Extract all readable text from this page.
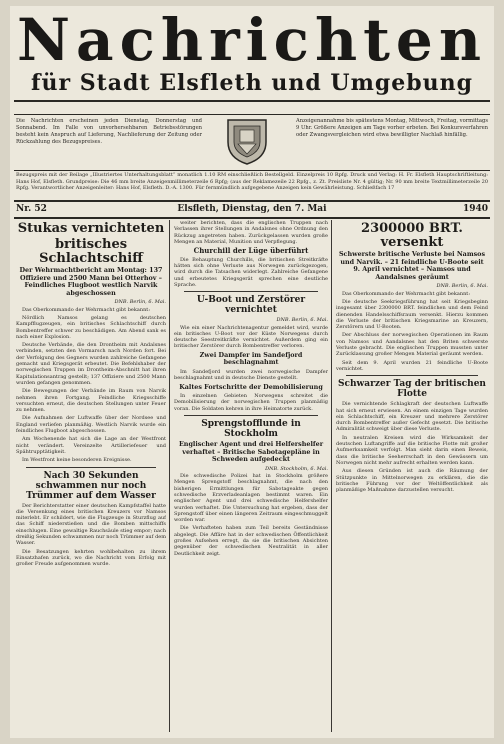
Nachrichten
für Stadt Elsfleth und Umgebung
Die Nachrichten erscheinen jeden Dienstag, Donnerstag und Sonnabend. Im Falle von unvorhersehbaren Betriebsstörungen besteht kein Anspruch auf Lieferung, Nachlieferung der Zeitung oder Rückzahlung des Bezugspreises.
Anzeigenannahme bis spätestens Montag, Mittwoch, Freitag, vormittags 9 Uhr. Größere Anzeigen am Tage vorher erbeten. Bei Konkursverfahren oder Zwangsvergleichen wird etwa bewilligter Nachlaß hinfällig.
Bezugspreis mit der Beilage „Illustriertes Unterhaltungsblatt“ monatlich 1.10 RM einschließlich Bestellgeld. Einzelpreis 10 Rpfg. Druck und Verlag: H. Fr. Elsfleth Hauptschriftleitung: Hans Hof, Elsfleth. Grundpreise: Die 46 mm breite Anzeigenmillimeterzeile 6 Rpfg; (aus der Reklamezeile 22 Rpfg., z. Zt. Preisliste Nr. 4 gültig; Nr. 90 mm breite Textmillimeterzeile 20 Rpfg. Verantwortlicher Anzeigenleiter: Hans Hof, Elsfleth. D.-A. 1300. Für fernmündlich aufgegebene Anzeigen kein Gewährleistung. Schließfach 17
Nr. 52	Elsfleth, Dienstag, den 7. Mai	1940
Stukas vernichteten
britisches Schlachtschiff
Der Wehrmachtbericht am Montag: 137 Offiziere und 2500 Mann bei Otterhov – Feindliches Flugboot westlich Narvik abgeschossen
DNB. Berlin, 6. Mai.

Das Oberkommando der Wehrmacht gibt bekannt:

Nördlich Namsos gelang es deutschen Kampfflugzeugen, ein britisches Schlachtschiff durch Bombentreffer schwer zu beschädigen. Am Abend sank es nach einer Explosion.

Deutsche Verbände, die den Drontheim mit Andalsnes verbinden, setzten den Vormarsch nach Norden fort. Bei der Verfolgung des Gegners wurden zahlreiche Gefangene gemacht und Kriegsgerät erbeutet. Die Befehlshaber der norwegischen Truppen im Drontheim-Abschnitt hat ihren Kapitulationsantrag gestellt; 137 Offiziere und 2500 Mann wurden gefangen genommen.

Die Bewegungen der Verbände im Raum von Narvik nehmen ihren Fortgang. Feindliche Kriegsschiffe versuchten erneut, die deutschen Stellungen unter Feuer zu nehmen.

Die Aufnahmen der Luftwaffe über der Nordsee und England verliefen planmäßig. Westlich Narvik wurde ein feindliches Flugboot abgeschossen.

Am Wochenende hat sich die Lage an der Westfront nicht verändert. Vereinzelte Artilleriefeuer und Spähtrupptätigkeit.

Im Westfront keine besonderen Ereignisse.

Nach 30 Sekunden schwammen nur noch Trümmer auf dem Wasser

Der Berichterstatter einer deutschen Kampfstaffel hatte die Versenkung eines britischen Kreuzers vor Namsos miterlebt. Er schildert, wie die Flugzeuge in Sturzflug auf das Schiff niederstießen und die Bomben mittschiffs einschlugen. Eine gewaltige Rauchsäule stieg empor; nach dreißig Sekunden schwammen nur noch Trümmer auf dem Wasser.

Die Besatzungen kehrten wohlbehalten zu ihrem Einsatzhafen zurück, wo die Nachricht vom Erfolg mit großer Freude aufgenommen wurde.

weiter berichten, dass die englischen Truppen nach Verlassen ihrer Stellungen in Andalsnes ohne Ordnung den Rückzug angetreten haben. Zurückgelassen wurden große Mengen an Material, Munition und Verpflegung.

Churchill der Lüge überführt

Die Behauptung Churchills, die britischen Streitkräfte hätten sich ohne Verluste aus Norwegen zurückgezogen, wird durch die Tatsachen widerlegt. Zahlreiche Gefangene und erbeutetes Kriegsgerät sprechen eine deutliche Sprache.

U-Boot und Zerstörer vernichtet
DNB. Berlin, 6. Mai.

Wie ein einer Nachrichtenagentur gemeldet wird, wurde ein britisches U-Boot vor der Küste Norwegens durch deutsche Seestreitkräfte vernichtet. Außerdem ging ein britischer Zerstörer durch Bombentreffer verloren.

Zwei Dampfer im Sandefjord beschlagnahmt

Im Sandefjord wurden zwei norwegische Dampfer beschlagnahmt und in deutsche Dienste gestellt.

Kaltes Fortschritte der Demobilisierung

In einzelnen Gebieten Norwegens schreitet die Demobilisierung der norwegischen Truppen planmäßig voran. Die Soldaten kehren in ihre Heimatorte zurück.

Sprengstofflunde in Stockholm
Englischer Agent und drei Helfershelfer verhaftet – Britische Sabotagepläne in Schweden aufgedeckt
DNB. Stockholm, 6. Mai.

Die schwedische Polizei hat in Stockholm größere Mengen Sprengstoff beschlagnahmt, die nach den bisherigen Ermittlungen für Sabotageakte gegen schwedische Erzverladeanlagen bestimmt waren. Ein englischer Agent und drei schwedische Helfershelfer wurden verhaftet. Die Untersuchung hat ergeben, dass der Sprengstoff über einen längeren Zeitraum eingeschmuggelt worden war.

Die Verhafteten haben zum Teil bereits Geständnisse abgelegt. Die Affäre hat in der schwedischen Öffentlichkeit großes Aufsehen erregt, da sie die britischen Absichten gegenüber der schwedischen Neutralität in aller Deutlichkeit zeigt.

2300000 BRT. versenkt
Schwerste britische Verluste bei Namsos und Narvik. – 21 feindliche U-Boote seit 9. April vernichtet – Namsos und Aandalsnes geräumt
DNB. Berlin, 6. Mai.

Das Oberkommando der Wehrmacht gibt bekannt:

Die deutsche Seekriegsführung hat seit Kriegsbeginn insgesamt über 2300000 BRT. feindlichen und dem Feind dienenden Handelsschiffsraum versenkt. Hierzu kommen die Verluste der britischen Kriegsmarine an Kreuzern, Zerstörern und U-Booten.

Der Abschluss der norwegischen Operationen im Raum von Namsos und Aandalsnes hat den Briten schwerste Verluste gebracht. Die englischen Truppen mussten unter Zurücklassung großer Mengen Material geräumt werden.

Seit dem 9. April wurden 21 feindliche U-Boote vernichtet.

Schwarzer Tag der britischen Flotte

Die vernichtende Schlagkraft der deutschen Luftwaffe hat sich erneut erwiesen. An einem einzigen Tage wurden ein Schlachtschiff, ein Kreuzer und mehrere Zerstörer durch Bombentreffer außer Gefecht gesetzt. Die britische Admiralität schweigt über diese Verluste.

In neutralen Kreisen wird die Wirksamkeit der deutschen Luftangriffe auf die britische Flotte mit großer Aufmerksamkeit verfolgt. Man sieht darin einen Beweis, dass die britische Seeherrschaft in den Gewässern um Norwegen nicht mehr aufrecht erhalten werden kann.

Aus diesen Gründen ist auch die Räumung der Stützpunkte in Mittelnorwegen zu erklären, die die britische Führung vor der Weltöffentlichkeit als planmäßige Maßnahme darzustellen versucht.
